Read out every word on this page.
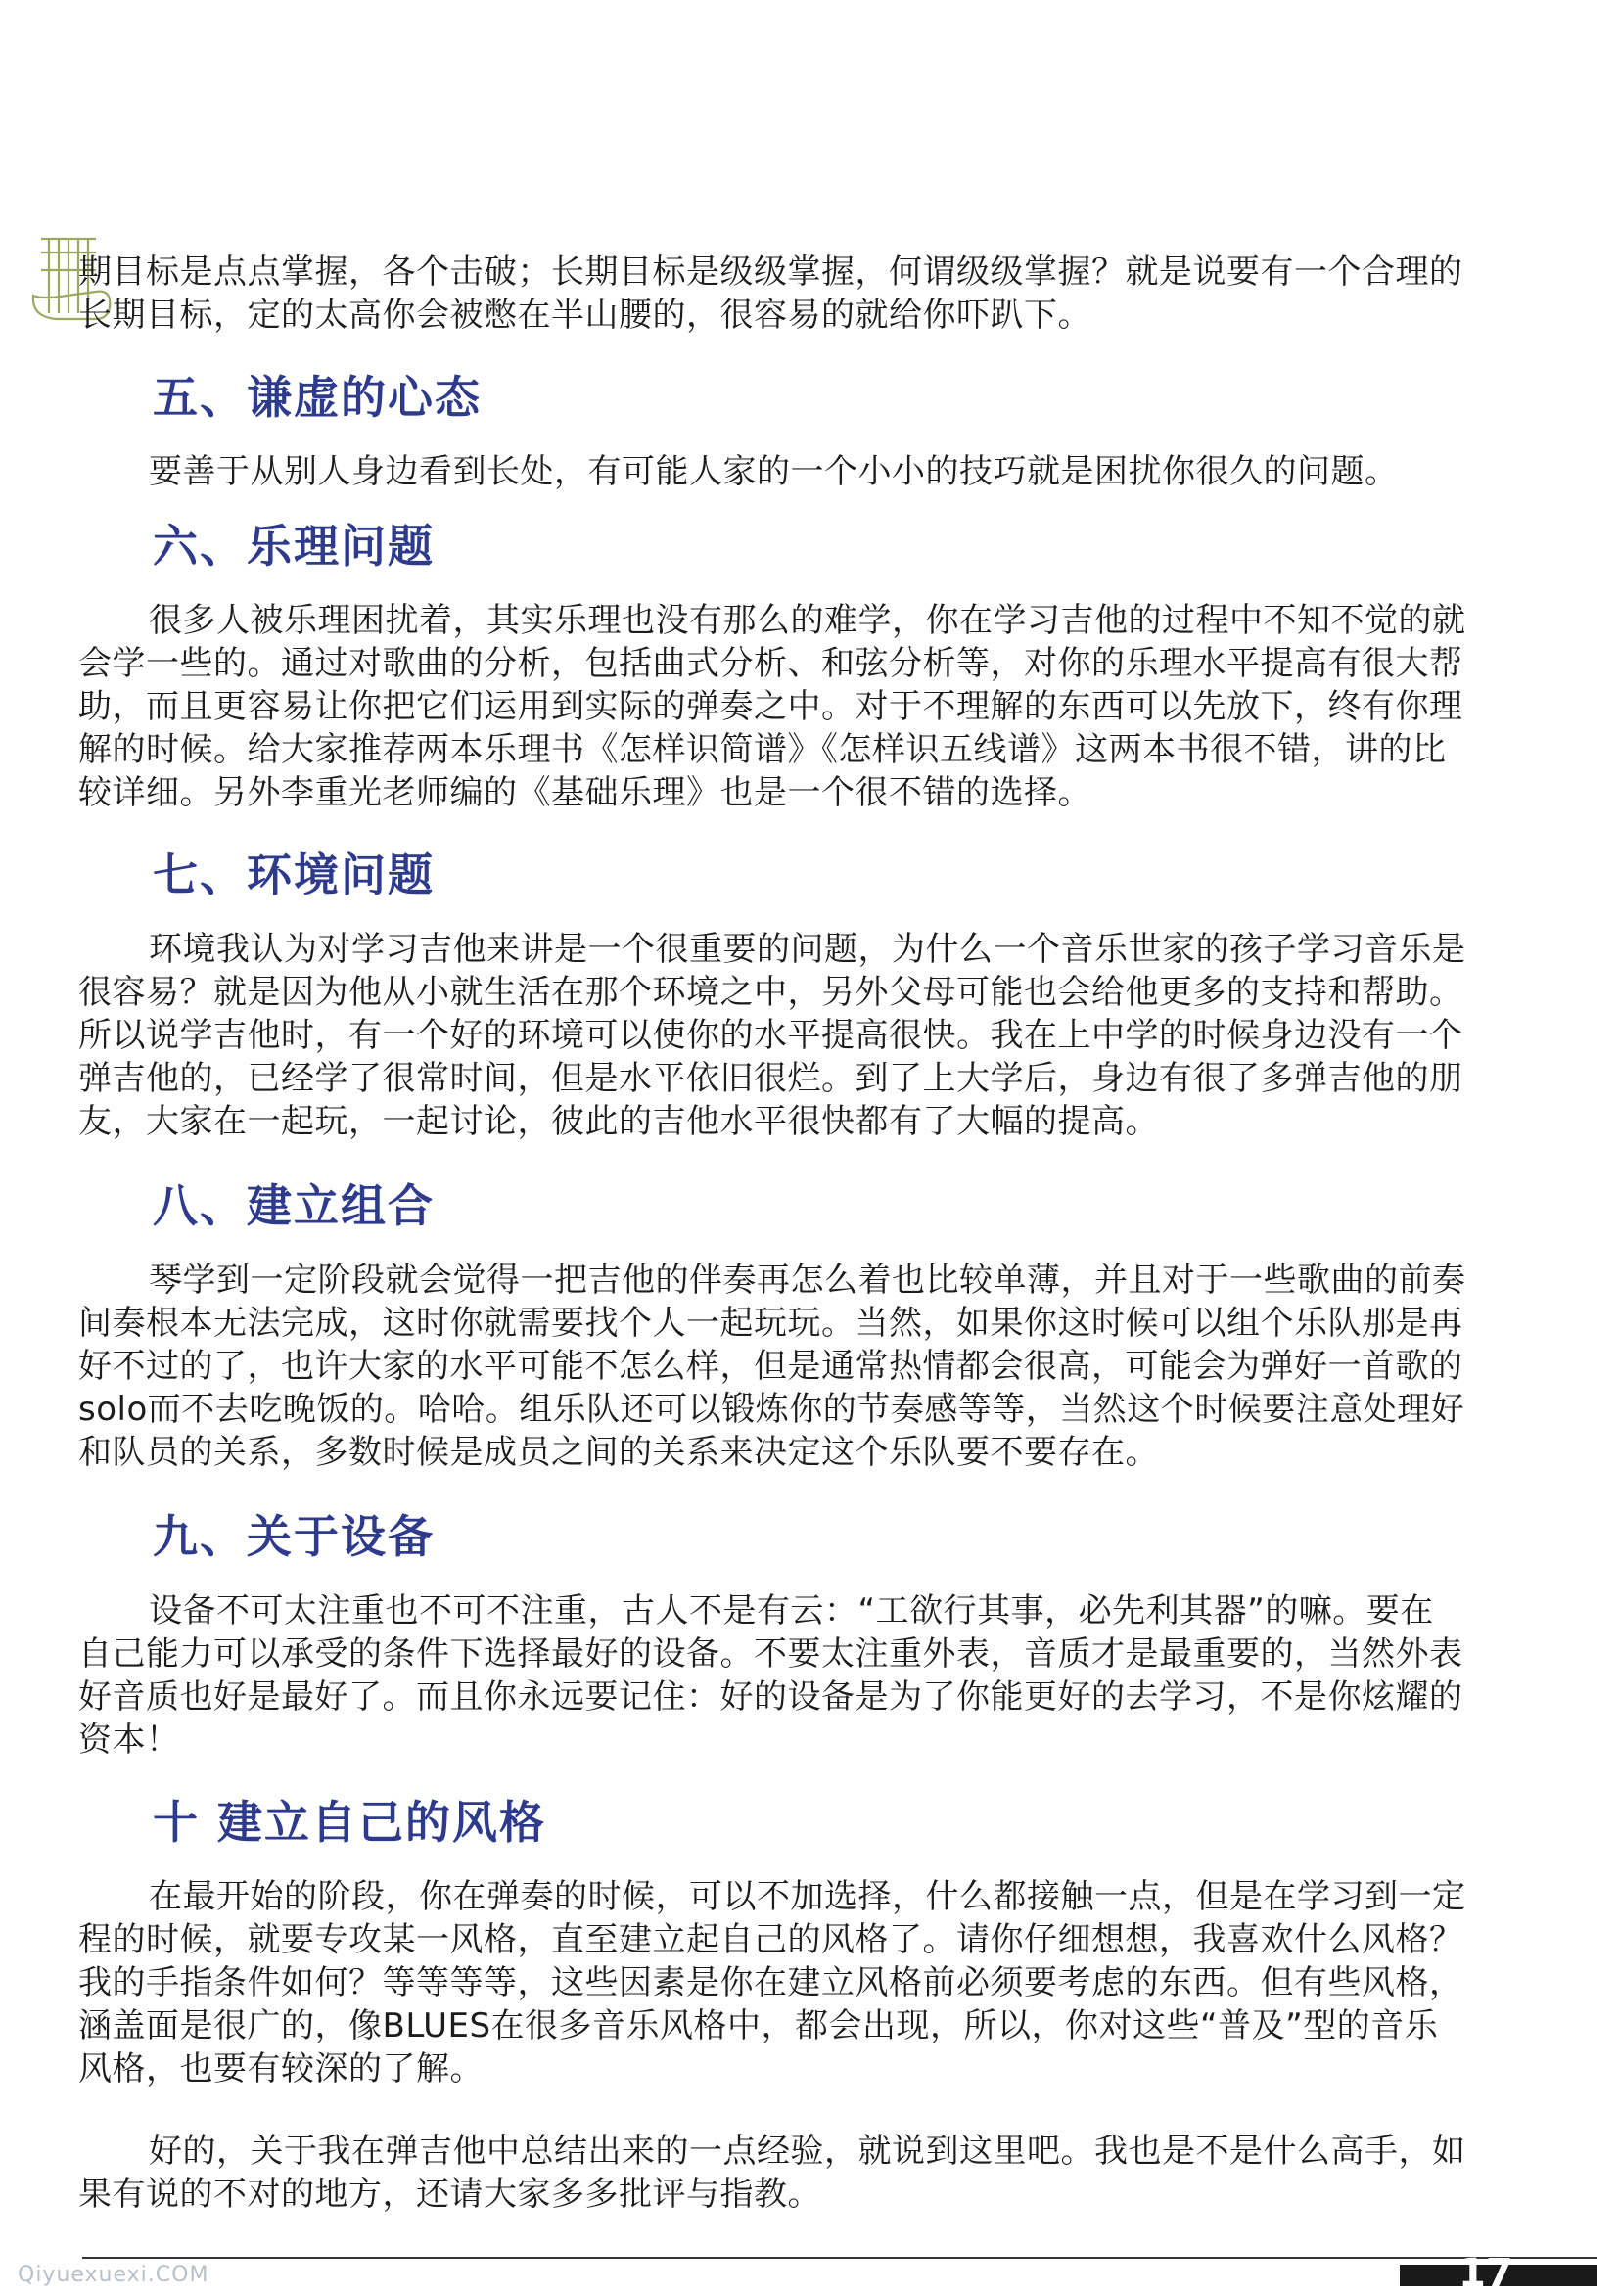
期目标是点点掌握，各个击破；长期目标是级级掌握，何谓级级掌握？就是说要有一个合理的
长期目标，定的太高你会被憋在半山腰的，很容易的就给你吓趴下。

五、谦虚的心态

要善于从别人身边看到长处，有可能人家的一个小小的技巧就是困扰你很久的问题。

六、乐理问题

很多人被乐理困扰着，其实乐理也没有那么的难学，你在学习吉他的过程中不知不觉的就
会学一些的。通过对歌曲的分析，包括曲式分析、和弦分析等，对你的乐理水平提高有很大帮
助，而且更容易让你把它们运用到实际的弹奏之中。对于不理解的东西可以先放下，终有你理
解的时候。给大家推荐两本乐理书《怎样识简谱》《怎样识五线谱》这两本书很不错，讲的比
较详细。另外李重光老师编的《基础乐理》也是一个很不错的选择。

七、环境问题

环境我认为对学习吉他来讲是一个很重要的问题，为什么一个音乐世家的孩子学习音乐是
很容易？就是因为他从小就生活在那个环境之中，另外父母可能也会给他更多的支持和帮助。
所以说学吉他时，有一个好的环境可以使你的水平提高很快。我在上中学的时候身边没有一个
弹吉他的，已经学了很常时间，但是水平依旧很烂。到了上大学后，身边有很了多弹吉他的朋
友，大家在一起玩，一起讨论，彼此的吉他水平很快都有了大幅的提高。

八、建立组合

琴学到一定阶段就会觉得一把吉他的伴奏再怎么着也比较单薄，并且对于一些歌曲的前奏
间奏根本无法完成，这时你就需要找个人一起玩玩。当然，如果你这时候可以组个乐队那是再
好不过的了，也许大家的水平可能不怎么样，但是通常热情都会很高，可能会为弹好一首歌的
solo而不去吃晚饭的。哈哈。组乐队还可以锻炼你的节奏感等等，当然这个时候要注意处理好
和队员的关系，多数时候是成员之间的关系来决定这个乐队要不要存在。

九、关于设备

设备不可太注重也不可不注重，古人不是有云：“工欲行其事，必先利其器”的嘛。要在
自己能力可以承受的条件下选择最好的设备。不要太注重外表，音质才是最重要的，当然外表
好音质也好是最好了。而且你永远要记住：好的设备是为了你能更好的去学习，不是你炫耀的
资本！

十 建立自己的风格

在最开始的阶段，你在弹奏的时候，可以不加选择，什么都接触一点，但是在学习到一定
程的时候，就要专攻某一风格，直至建立起自己的风格了。请你仔细想想，我喜欢什么风格？
我的手指条件如何？等等等等，这些因素是你在建立风格前必须要考虑的东西。但有些风格，
涵盖面是很广的，像BLUES在很多音乐风格中，都会出现，所以，你对这些“普及”型的音乐
风格，也要有较深的了解。

好的，关于我在弹吉他中总结出来的一点经验，就说到这里吧。我也是不是什么高手，如
果有说的不对的地方，还请大家多多批评与指教。

17
Qiyuexuexi.COM
